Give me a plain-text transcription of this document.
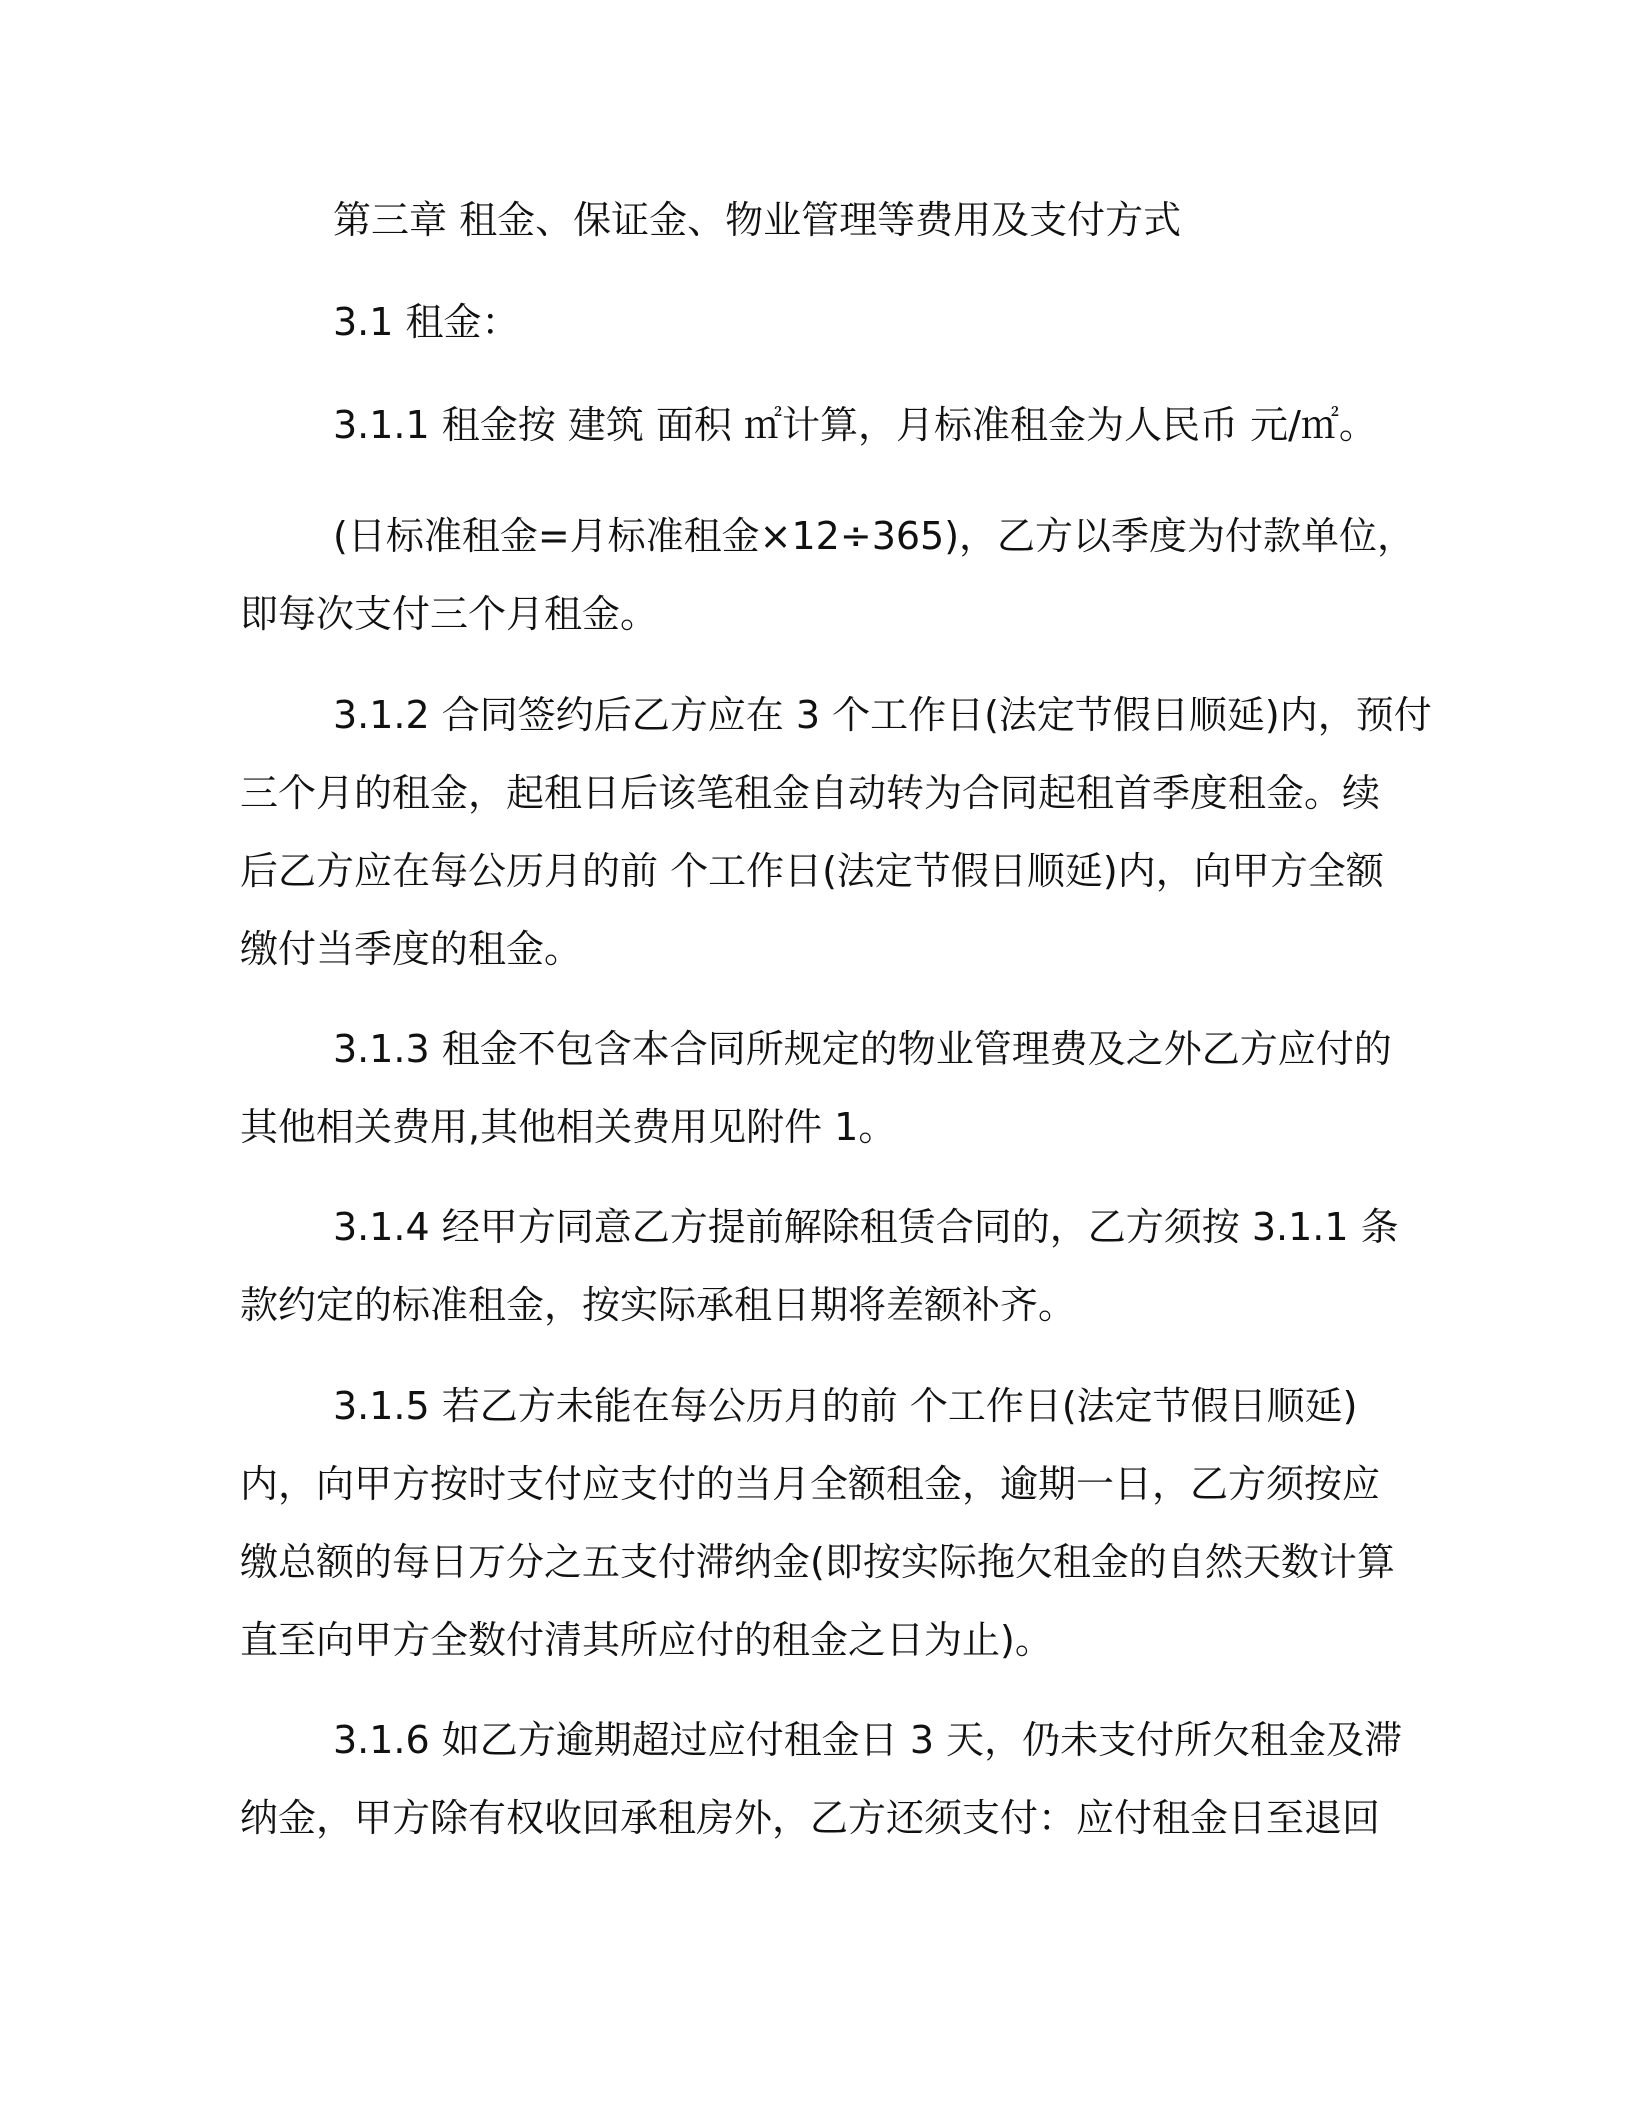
第三章 租金、保证金、物业管理等费用及支付方式
3.1 租金：
3.1.1 租金按 建筑 面积 ㎡计算，月标准租金为人民币 元/㎡。
(日标准租金=月标准租金×12÷365)，乙方以季度为付款单位，
即每次支付三个月租金。
3.1.2 合同签约后乙方应在 3 个工作日(法定节假日顺延)内，预付
三个月的租金，起租日后该笔租金自动转为合同起租首季度租金。续
后乙方应在每公历月的前 个工作日(法定节假日顺延)内，向甲方全额
缴付当季度的租金。
3.1.3 租金不包含本合同所规定的物业管理费及之外乙方应付的
其他相关费用,其他相关费用见附件 1。
3.1.4 经甲方同意乙方提前解除租赁合同的，乙方须按 3.1.1 条
款约定的标准租金，按实际承租日期将差额补齐。
3.1.5 若乙方未能在每公历月的前 个工作日(法定节假日顺延)
内，向甲方按时支付应支付的当月全额租金，逾期一日，乙方须按应
缴总额的每日万分之五支付滞纳金(即按实际拖欠租金的自然天数计算
直至向甲方全数付清其所应付的租金之日为止)。
3.1.6 如乙方逾期超过应付租金日 3 天，仍未支付所欠租金及滞
纳金，甲方除有权收回承租房外，乙方还须支付：应付租金日至退回
